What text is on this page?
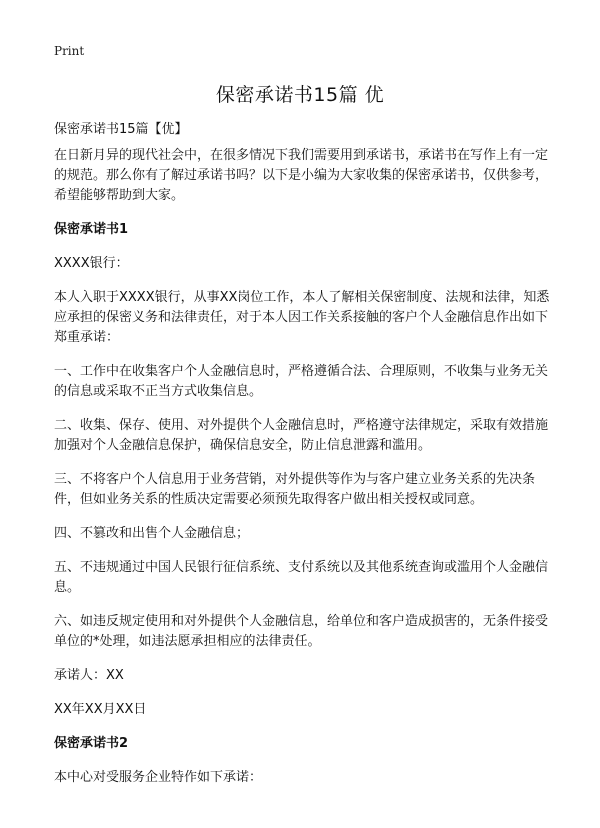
Print
保密承诺书15篇 优

保密承诺书15篇【优】

在日新月异的现代社会中，在很多情况下我们需要用到承诺书，承诺书在写作上有一定的规范。那么你有了解过承诺书吗？以下是小编为大家收集的保密承诺书，仅供参考，希望能够帮助到大家。

保密承诺书1

XXXX银行：

本人入职于XXXX银行，从事XX岗位工作，本人了解相关保密制度、法规和法律，知悉应承担的保密义务和法律责任，对于本人因工作关系接触的客户个人金融信息作出如下郑重承诺：

一、工作中在收集客户个人金融信息时，严格遵循合法、合理原则，不收集与业务无关的信息或采取不正当方式收集信息。

二、收集、保存、使用、对外提供个人金融信息时，严格遵守法律规定，采取有效措施加强对个人金融信息保护，确保信息安全，防止信息泄露和滥用。

三、不将客户个人信息用于业务营销，对外提供等作为与客户建立业务关系的先决条件，但如业务关系的性质决定需要必须预先取得客户做出相关授权或同意。

四、不篡改和出售个人金融信息；

五、不违规通过中国人民银行征信系统、支付系统以及其他系统查询或滥用个人金融信息。

六、如违反规定使用和对外提供个人金融信息，给单位和客户造成损害的，无条件接受单位的*处理，如违法愿承担相应的法律责任。

承诺人：XX

XX年XX月XX日

保密承诺书2

本中心对受服务企业特作如下承诺：
